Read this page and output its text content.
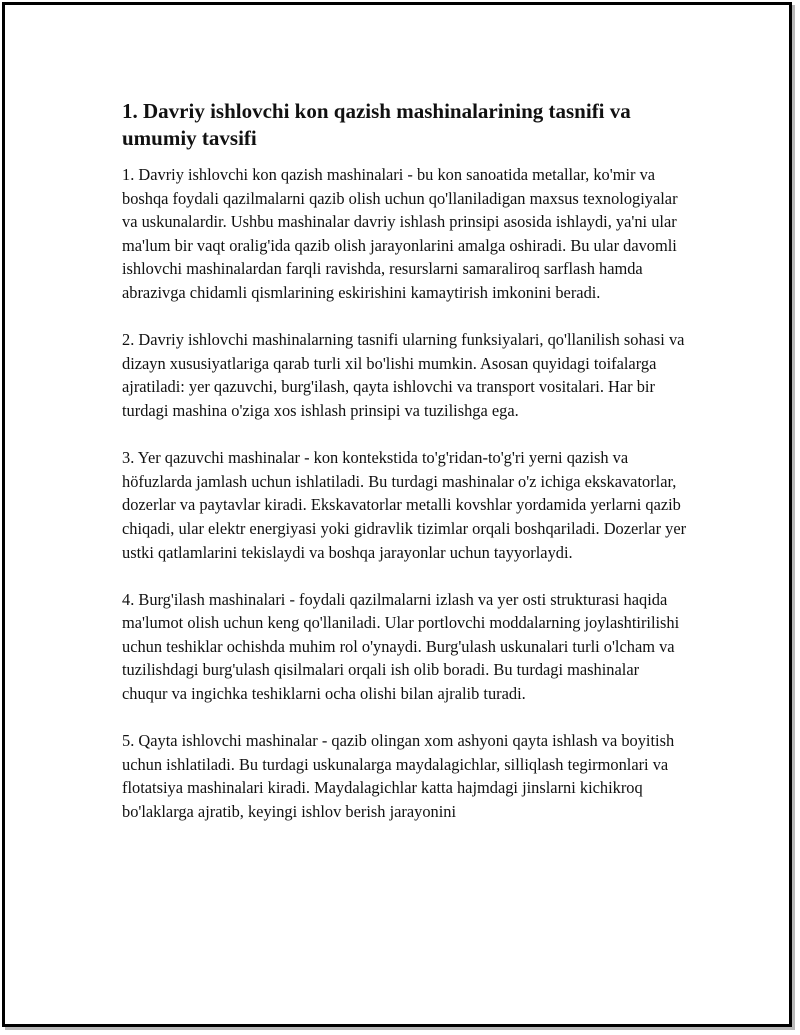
1. Davriy ishlovchi kon qazish mashinalarining tasnifi va umumiy tavsifi

1. Davriy ishlovchi kon qazish mashinalari - bu kon sanoatida metallar, ko'mir va boshqa foydali qazilmalarni qazib olish uchun qo'llaniladigan maxsus texnologiyalar va uskunalardir. Ushbu mashinalar davriy ishlash prinsipi asosida ishlaydi, ya'ni ular ma'lum bir vaqt oralig'ida qazib olish jarayonlarini amalga oshiradi. Bu ular davomli ishlovchi mashinalardan farqli ravishda, resurslarni samaraliroq sarflash hamda abrazivga chidamli qismlarining eskirishini kamaytirish imkonini beradi.

2. Davriy ishlovchi mashinalarning tasnifi ularning funksiyalari, qo'llanilish sohasi va dizayn xususiyatlariga qarab turli xil bo'lishi mumkin. Asosan quyidagi toifalarga ajratiladi: yer qazuvchi, burg'ilash, qayta ishlovchi va transport vositalari. Har bir turdagi mashina o'ziga xos ishlash prinsipi va tuzilishga ega.

3. Yer qazuvchi mashinalar - kon kontekstida to'g'ridan-to'g'ri yerni qazish va höfuzlarda jamlash uchun ishlatiladi. Bu turdagi mashinalar o'z ichiga ekskavatorlar, dozerlar va paytavlar kiradi. Ekskavatorlar metalli kovshlar yordamida yerlarni qazib chiqadi, ular elektr energiyasi yoki gidravlik tizimlar orqali boshqariladi. Dozerlar yer ustki qatlamlarini tekislaydi va boshqa jarayonlar uchun tayyorlaydi.

4. Burg'ilash mashinalari - foydali qazilmalarni izlash va yer osti strukturasi haqida ma'lumot olish uchun keng qo'llaniladi. Ular portlovchi moddalarning joylashtirilishi uchun teshiklar ochishda muhim rol o'ynaydi. Burg'ulash uskunalari turli o'lcham va tuzilishdagi burg'ulash qisilmalari orqali ish olib boradi. Bu turdagi mashinalar chuqur va ingichka teshiklarni ocha olishi bilan ajralib turadi.

5. Qayta ishlovchi mashinalar - qazib olingan xom ashyoni qayta ishlash va boyitish uchun ishlatiladi. Bu turdagi uskunalarga maydalagichlar, silliqlash tegirmonlari va flotatsiya mashinalari kiradi. Maydalagichlar katta hajmdagi jinslarni kichikroq bo'laklarga ajratib, keyingi ishlov berish jarayonini
